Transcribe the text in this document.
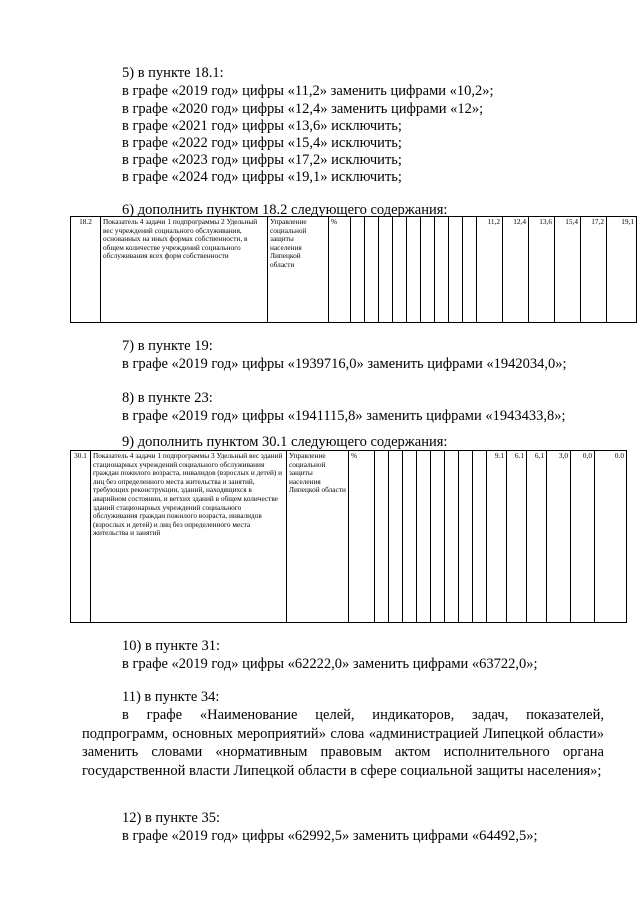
5) в пункте 18.1:
в графе «2019 год» цифры «11,2» заменить цифрами «10,2»;
в графе «2020 год» цифры «12,4» заменить цифрами «12»;
в графе «2021 год» цифры «13,6» исключить;
в графе «2022 год» цифры «15,4» исключить;
в графе «2023 год» цифры «17,2» исключить;
в графе «2024 год» цифры «19,1» исключить;
6) дополнить пунктом 18.2 следующего содержания:
18.2	Показатель 4 задачи 1 подпрограммы 2 Удельный вес учреждений социального обслуживания, основанных на иных формах собственности, в общем количестве учреждений социального обслуживания всех форм собственности	Управление социальной защиты населения Липецкой области	%										11,2	12,4	13,6	15,4	17,2	19,1
7) в пункте 19:
в графе «2019 год» цифры «1939716,0» заменить цифрами «1942034,0»;
8) в пункте 23:
в графе «2019 год» цифры «1941115,8» заменить цифрами «1943433,8»;
9) дополнить пунктом 30.1 следующего содержания:
30.1	Показатель 4 задачи 1 подпрограммы 3 Удельный вес зданий стационарных учреждений социального обслуживания граждан пожилого возраста, инвалидов (взрослых и детей) и лиц без определенного места жительства и занятий, требующих реконструкции, зданий, находящихся в аварийном состоянии, и ветхих зданий в общем количестве зданий стационарных учреждений социального обслуживания граждан пожилого возраста, инвалидов (взрослых и детей) и лиц без определенного места жительства и занятий	Управление социальной защиты населения Липецкой области	%									9.1	6.1	6,1	3,0	0,0	0.0
10) в пункте 31:
в графе «2019 год» цифры «62222,0» заменить цифрами «63722,0»;
11) в пункте 34:
в графе «Наименование целей, индикаторов, задач, показателей, подпрограмм, основных мероприятий» слова «администрацией Липецкой области» заменить словами «нормативным правовым актом исполнительного органа государственной власти Липецкой области в сфере социальной защиты населения»;
12) в пункте 35:
в графе «2019 год» цифры «62992,5» заменить цифрами «64492,5»;
